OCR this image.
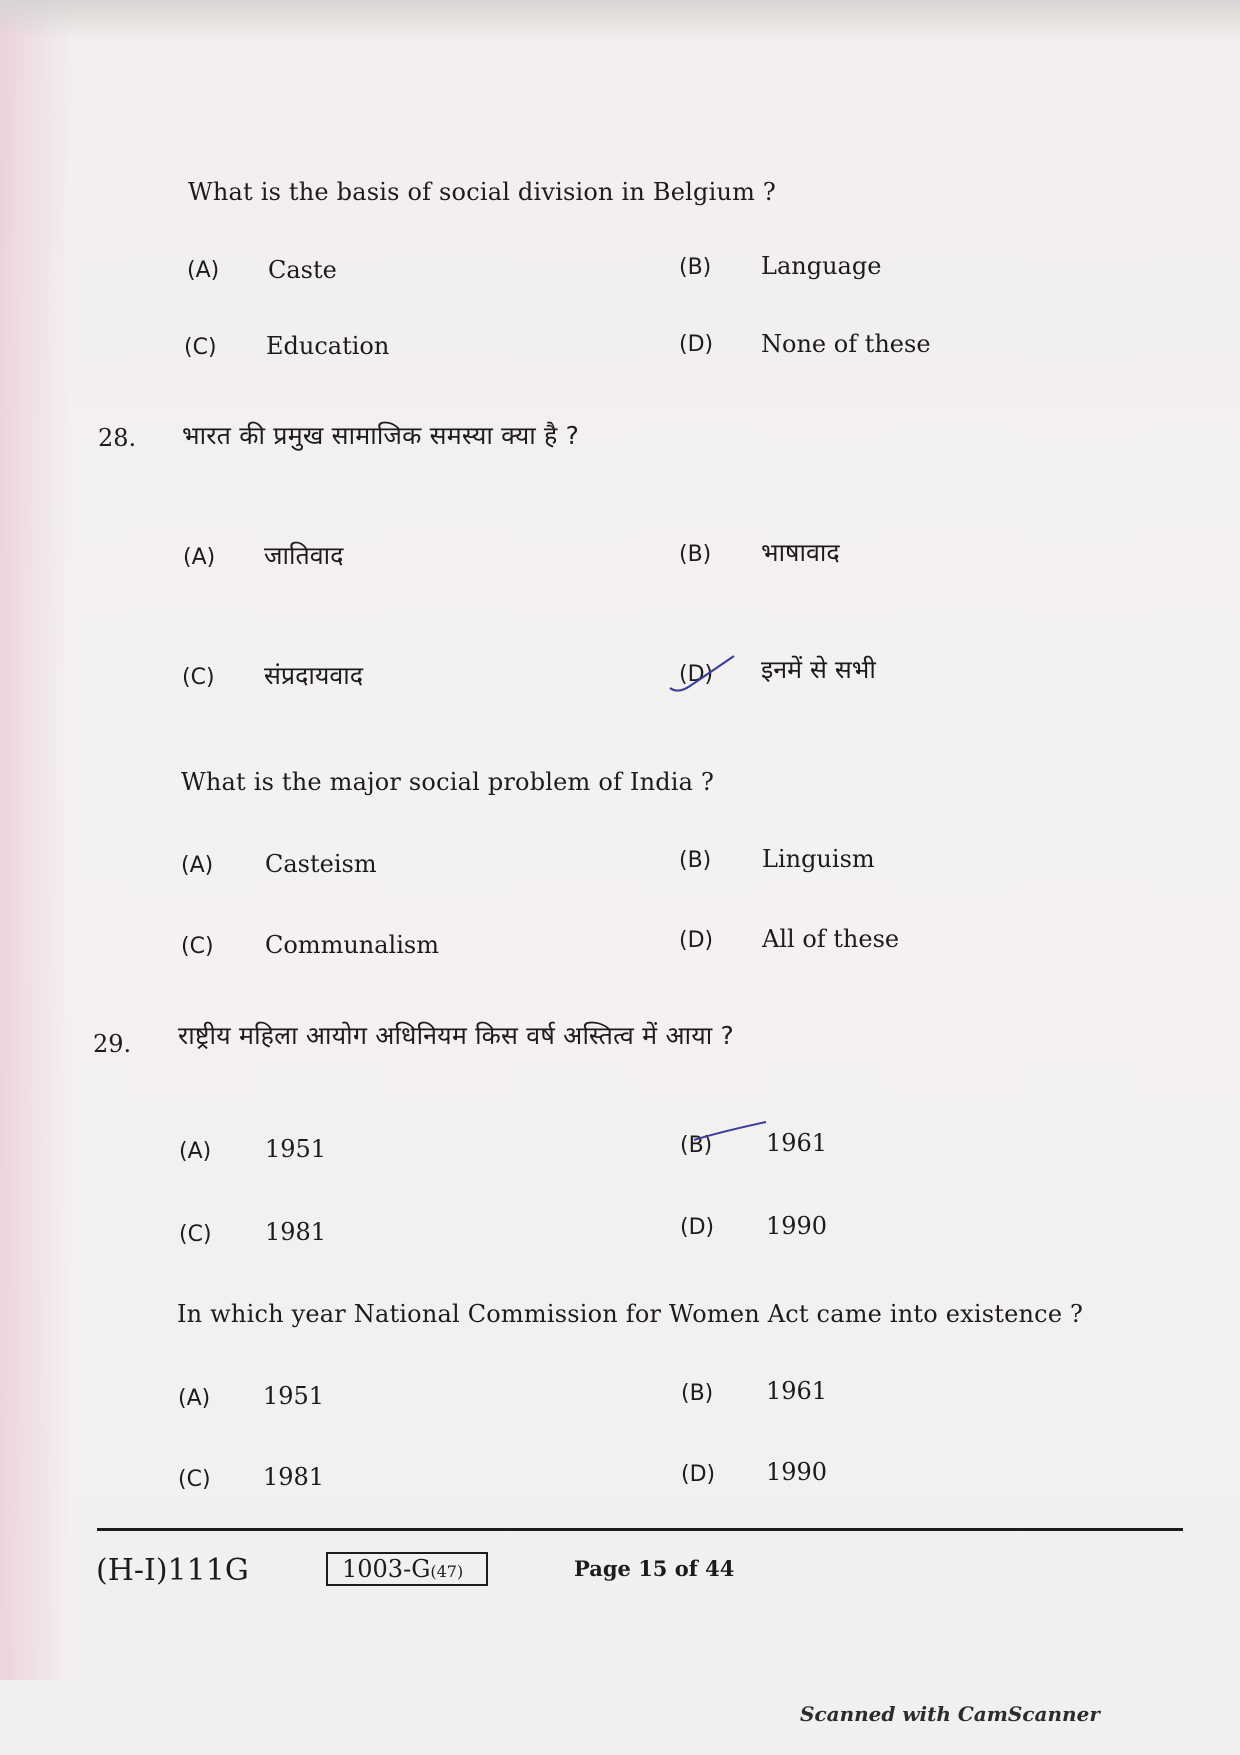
What is the basis of social division in Belgium ?
(A) Caste	(B) Language
(C) Education	(D) None of these
28. भारत की प्रमुख सामाजिक समस्या क्या है ?
(A) जातिवाद	(B) भाषावाद
(C) संप्रदायवाद	(D) इनमें से सभी
What is the major social problem of India ?
(A) Casteism	(B) Linguism
(C) Communalism	(D) All of these
29. राष्ट्रीय महिला आयोग अधिनियम किस वर्ष अस्तित्व में आया ?
(A) 1951	(B) 1961
(C) 1981	(D) 1990
In which year National Commission for Women Act came into existence ?
(A) 1951	(B) 1961
(C) 1981	(D) 1990
(H-I)111G	1003-G(47)	Page 15 of 44
Scanned with CamScanner
